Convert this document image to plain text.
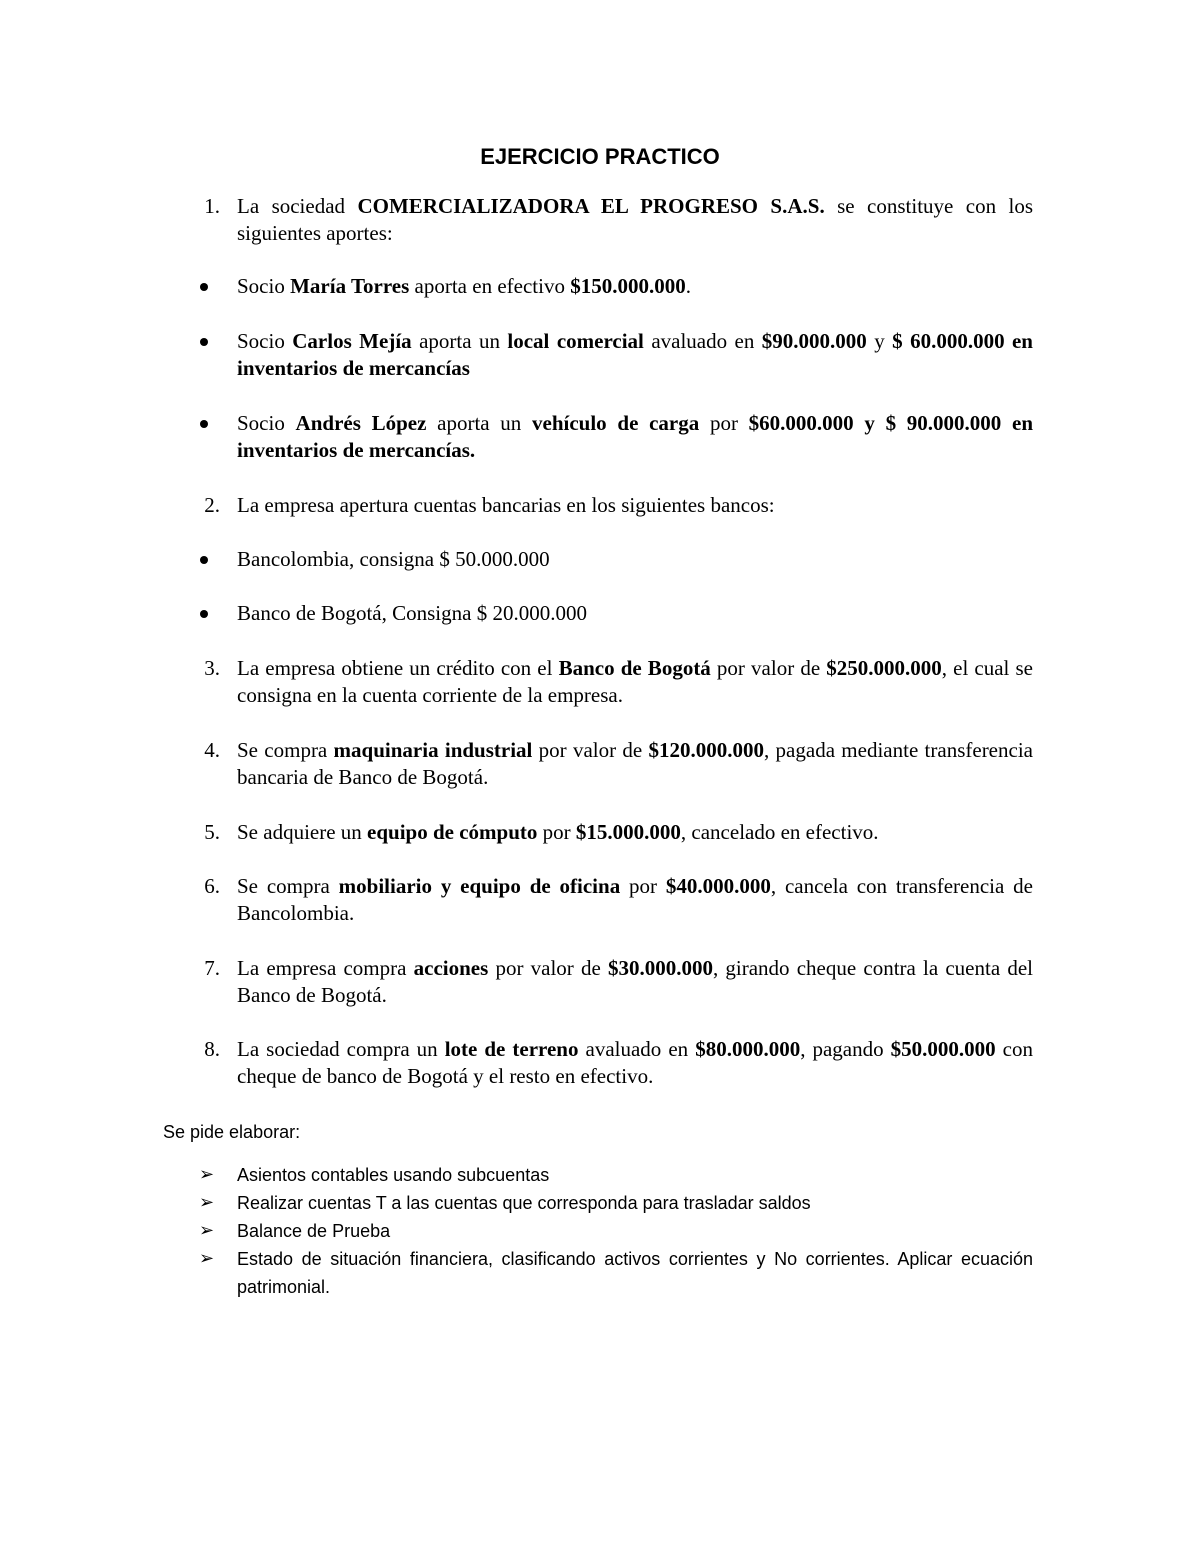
EJERCICIO PRACTICO
1. La sociedad COMERCIALIZADORA EL PROGRESO S.A.S. se constituye con los siguientes aportes:
Socio María Torres aporta en efectivo $150.000.000.
Socio Carlos Mejía aporta un local comercial avaluado en $90.000.000 y $ 60.000.000 en inventarios de mercancías
Socio Andrés López aporta un vehículo de carga por $60.000.000 y $ 90.000.000 en inventarios de mercancías.
2. La empresa apertura cuentas bancarias en los siguientes bancos:
Bancolombia, consigna $ 50.000.000
Banco de Bogotá, Consigna $ 20.000.000
3. La empresa obtiene un crédito con el Banco de Bogotá por valor de $250.000.000, el cual se consigna en la cuenta corriente de la empresa.
4. Se compra maquinaria industrial por valor de $120.000.000, pagada mediante transferencia bancaria de Banco de Bogotá.
5. Se adquiere un equipo de cómputo por $15.000.000, cancelado en efectivo.
6. Se compra mobiliario y equipo de oficina por $40.000.000, cancela con transferencia de Bancolombia.
7. La empresa compra acciones por valor de $30.000.000, girando cheque contra la cuenta del Banco de Bogotá.
8. La sociedad compra un lote de terreno avaluado en $80.000.000, pagando $50.000.000 con cheque de banco de Bogotá y el resto en efectivo.
Se pide elaborar:
➢ Asientos contables usando subcuentas
➢ Realizar cuentas T a las cuentas que corresponda para trasladar saldos
➢ Balance de Prueba
➢ Estado de situación financiera, clasificando activos corrientes y No corrientes. Aplicar ecuación patrimonial.
